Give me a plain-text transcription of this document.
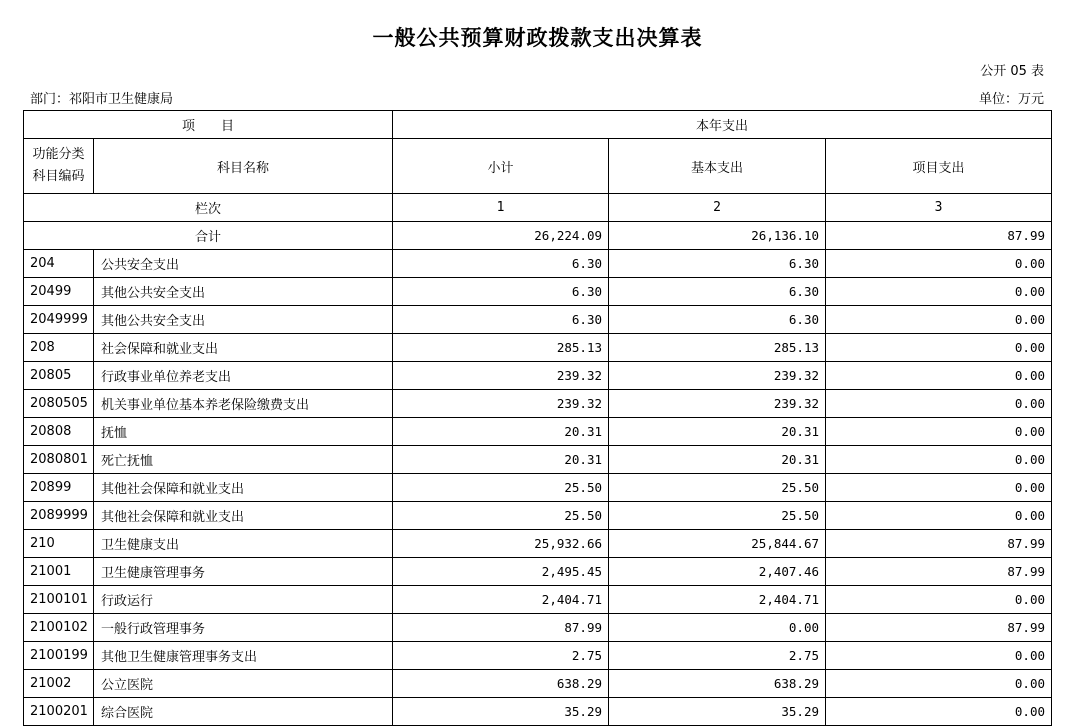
一般公共预算财政拨款支出决算表
公开 05 表
部门：祁阳市卫生健康局	单位：万元
项　　目		本年支出		
功能分类
科目编码	科目名称	小计	基本支出	项目支出
栏次		1	2	3
合计		26,224.09	26,136.10	87.99
204	公共安全支出	6.30	6.30	0.00
20499	其他公共安全支出	6.30	6.30	0.00
2049999	其他公共安全支出	6.30	6.30	0.00
208	社会保障和就业支出	285.13	285.13	0.00
20805	行政事业单位养老支出	239.32	239.32	0.00
2080505	机关事业单位基本养老保险缴费支出	239.32	239.32	0.00
20808	抚恤	20.31	20.31	0.00
2080801	死亡抚恤	20.31	20.31	0.00
20899	其他社会保障和就业支出	25.50	25.50	0.00
2089999	其他社会保障和就业支出	25.50	25.50	0.00
210	卫生健康支出	25,932.66	25,844.67	87.99
21001	卫生健康管理事务	2,495.45	2,407.46	87.99
2100101	行政运行	2,404.71	2,404.71	0.00
2100102	一般行政管理事务	87.99	0.00	87.99
2100199	其他卫生健康管理事务支出	2.75	2.75	0.00
21002	公立医院	638.29	638.29	0.00
2100201	综合医院	35.29	35.29	0.00
